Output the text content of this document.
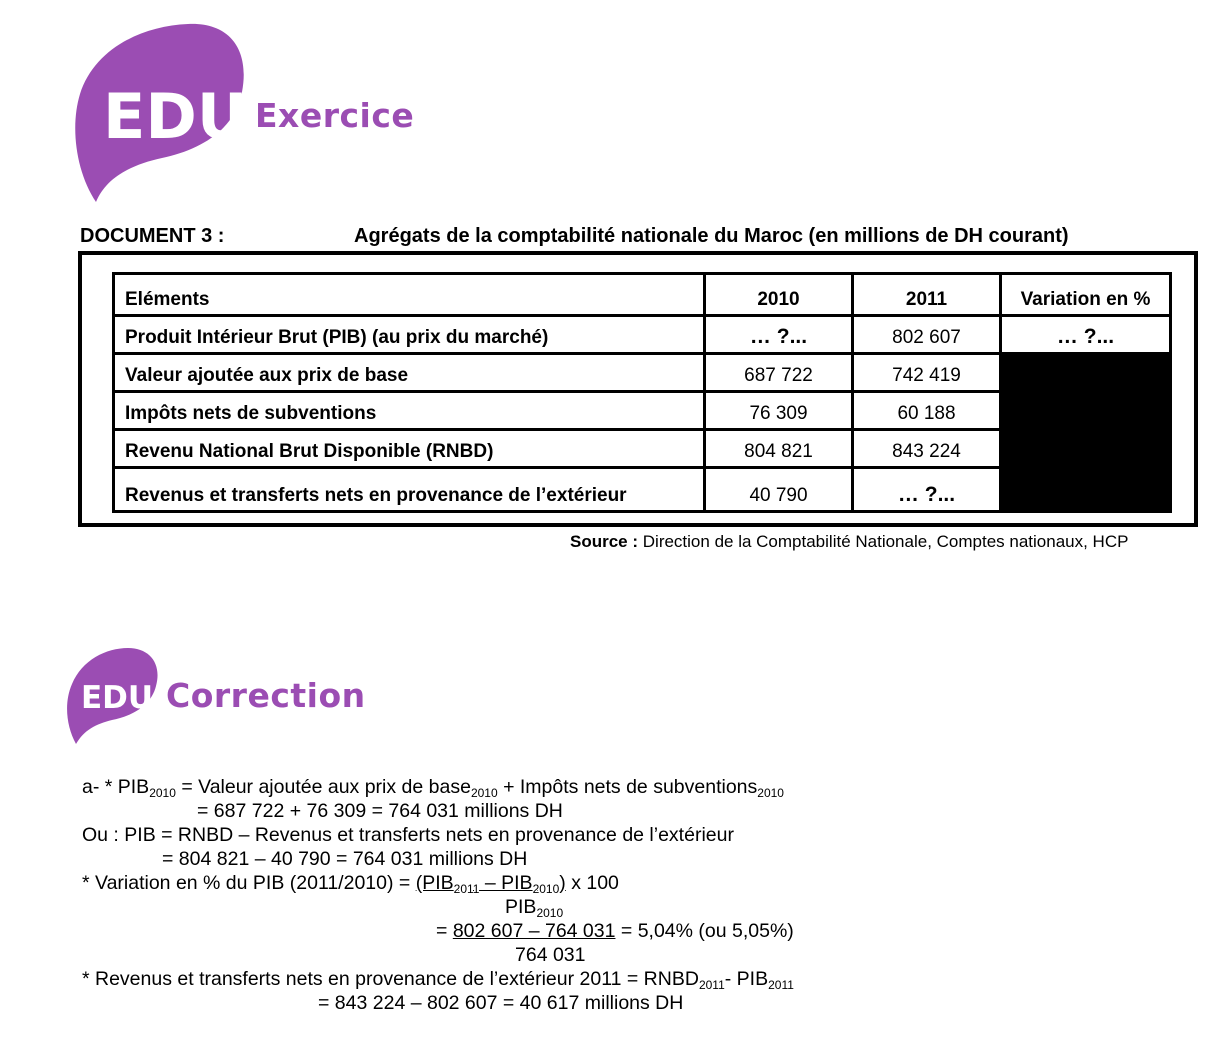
EDU Exercice
DOCUMENT 3 :	Agrégats de la comptabilité nationale du Maroc (en millions de DH courant)
Eléments	2010	2011	Variation en %
Produit Intérieur Brut (PIB) (au prix du marché)	… ?...	802 607	… ?...
Valeur ajoutée aux prix de base	687 722	742 419	
Impôts nets de subventions	76 309	60 188	
Revenu National Brut Disponible (RNBD)	804 821	843 224	
Revenus et transferts nets en provenance de l’extérieur	40 790	… ?...	
Source : Direction de la Comptabilité Nationale, Comptes nationaux, HCP
EDU Correction
$a- * PIB_{2010}$ = Valeur ajoutée aux prix de base$_{2010}$ + Impôts nets de subventions$_{2010}$
= 687 722 + 76 309 = 764 031 millions DH
Ou : PIB = RNBD – Revenus et transferts nets en provenance de l’extérieur
= 804 821 – 40 790 = 764 031 millions DH
* Variation en % du PIB $(2011/2010) = (PIB_{2011} - PIB_{2010})$ x 100
$PIB_{2010}$
= 802 607 – 764 031 = 5,04% (ou 5,05%)
764 031
* Revenus et transferts nets en provenance de l’extérieur $2011 = RNBD_{2011}-$ $PIB_{2011}$
= 843 224 – 802 607 = 40 617 millions DH
